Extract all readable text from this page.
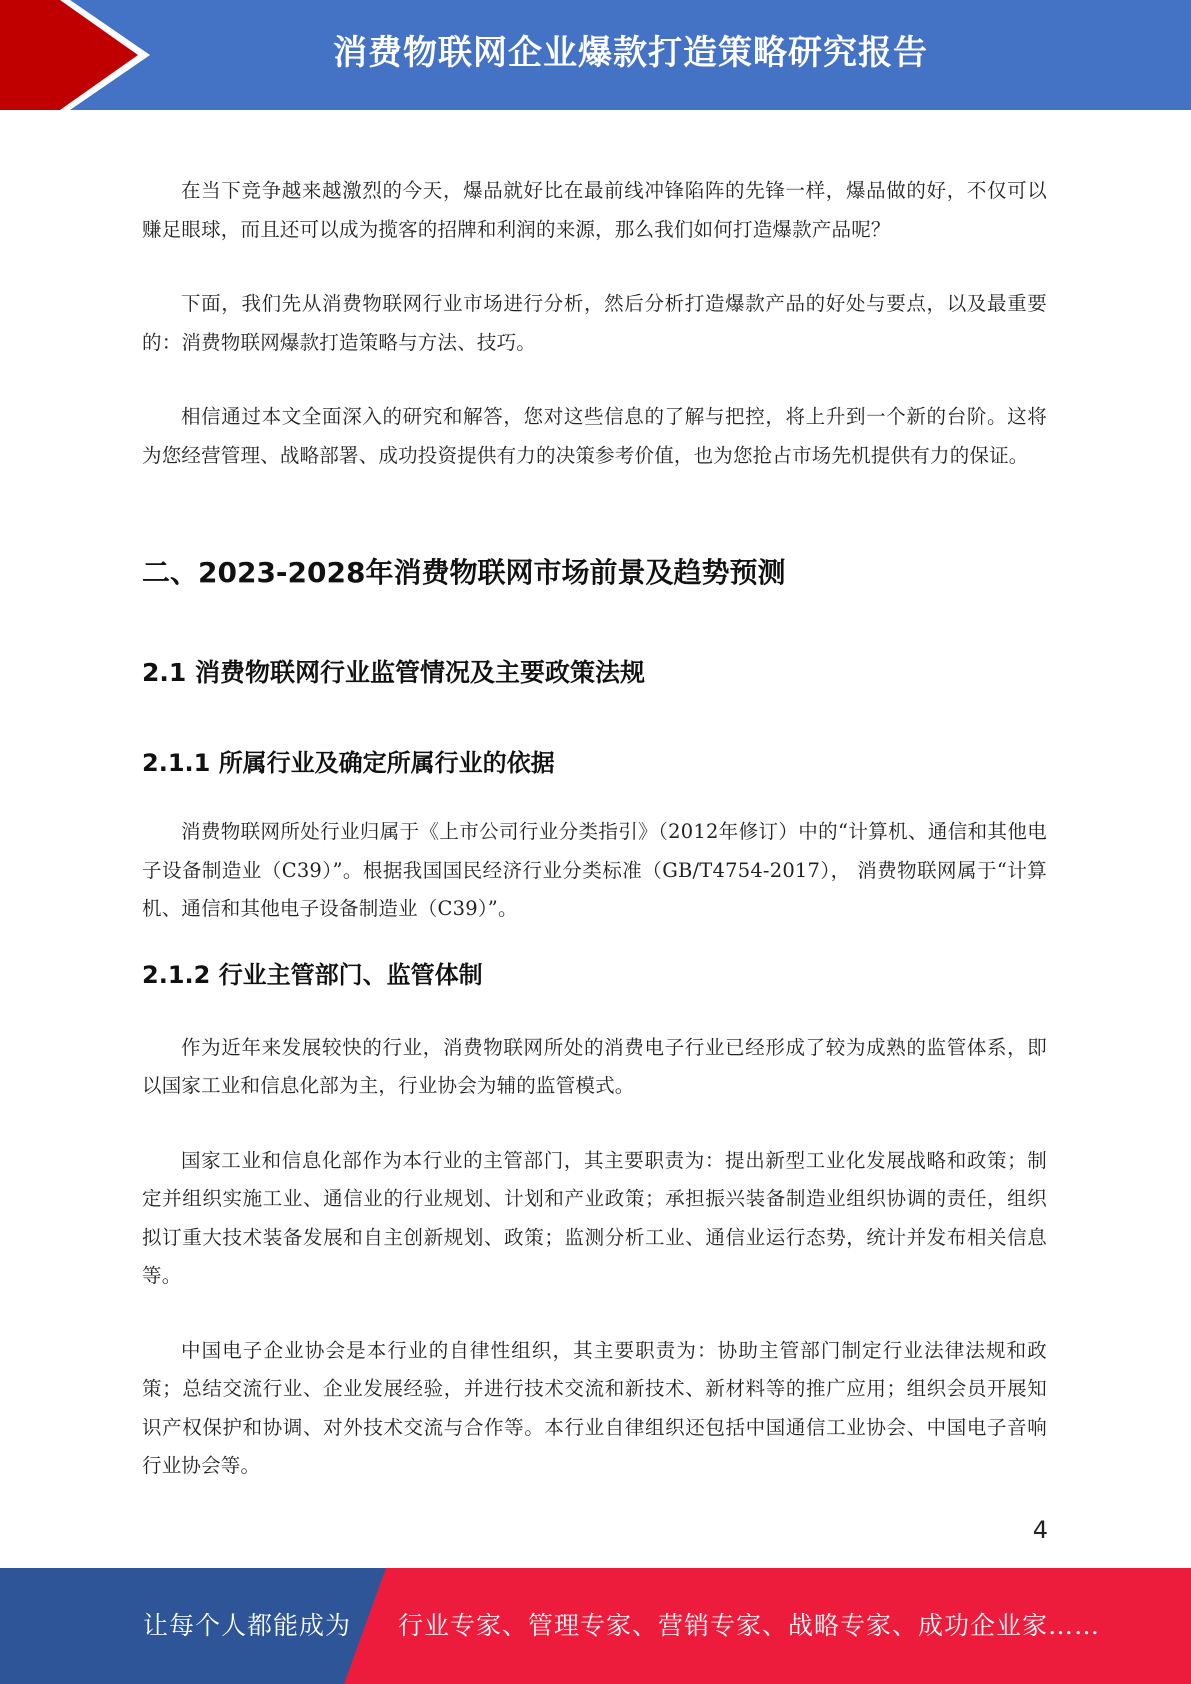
消费物联网企业爆款打造策略研究报告

在当下竞争越来越激烈的今天，爆品就好比在最前线冲锋陷阵的先锋一样，爆品做的好，不仅可以赚足眼球，而且还可以成为揽客的招牌和利润的来源，那么我们如何打造爆款产品呢？

下面，我们先从消费物联网行业市场进行分析，然后分析打造爆款产品的好处与要点，以及最重要的：消费物联网爆款打造策略与方法、技巧。

相信通过本文全面深入的研究和解答，您对这些信息的了解与把控，将上升到一个新的台阶。这将为您经营管理、战略部署、成功投资提供有力的决策参考价值，也为您抢占市场先机提供有力的保证。

二、2023-2028年消费物联网市场前景及趋势预测
2.1 消费物联网行业监管情况及主要政策法规
2.1.1 所属行业及确定所属行业的依据

消费物联网所处行业归属于《上市公司行业分类指引》（2012年修订）中的“计算机、通信和其他电子设备制造业（C39）”。根据我国国民经济行业分类标准（GB/T4754-2017）， 消费物联网属于“计算机、通信和其他电子设备制造业（C39）”。

2.1.2 行业主管部门、监管体制

作为近年来发展较快的行业，消费物联网所处的消费电子行业已经形成了较为成熟的监管体系，即以国家工业和信息化部为主，行业协会为辅的监管模式。

国家工业和信息化部作为本行业的主管部门，其主要职责为：提出新型工业化发展战略和政策；制定并组织实施工业、通信业的行业规划、计划和产业政策；承担振兴装备制造业组织协调的责任，组织拟订重大技术装备发展和自主创新规划、政策；监测分析工业、通信业运行态势，统计并发布相关信息等。

中国电子企业协会是本行业的自律性组织，其主要职责为：协助主管部门制定行业法律法规和政策；总结交流行业、企业发展经验，并进行技术交流和新技术、新材料等的推广应用；组织会员开展知识产权保护和协调、对外技术交流与合作等。本行业自律组织还包括中国通信工业协会、中国电子音响行业协会等。

4
让每个人都能成为 行业专家、管理专家、营销专家、战略专家、成功企业家……
